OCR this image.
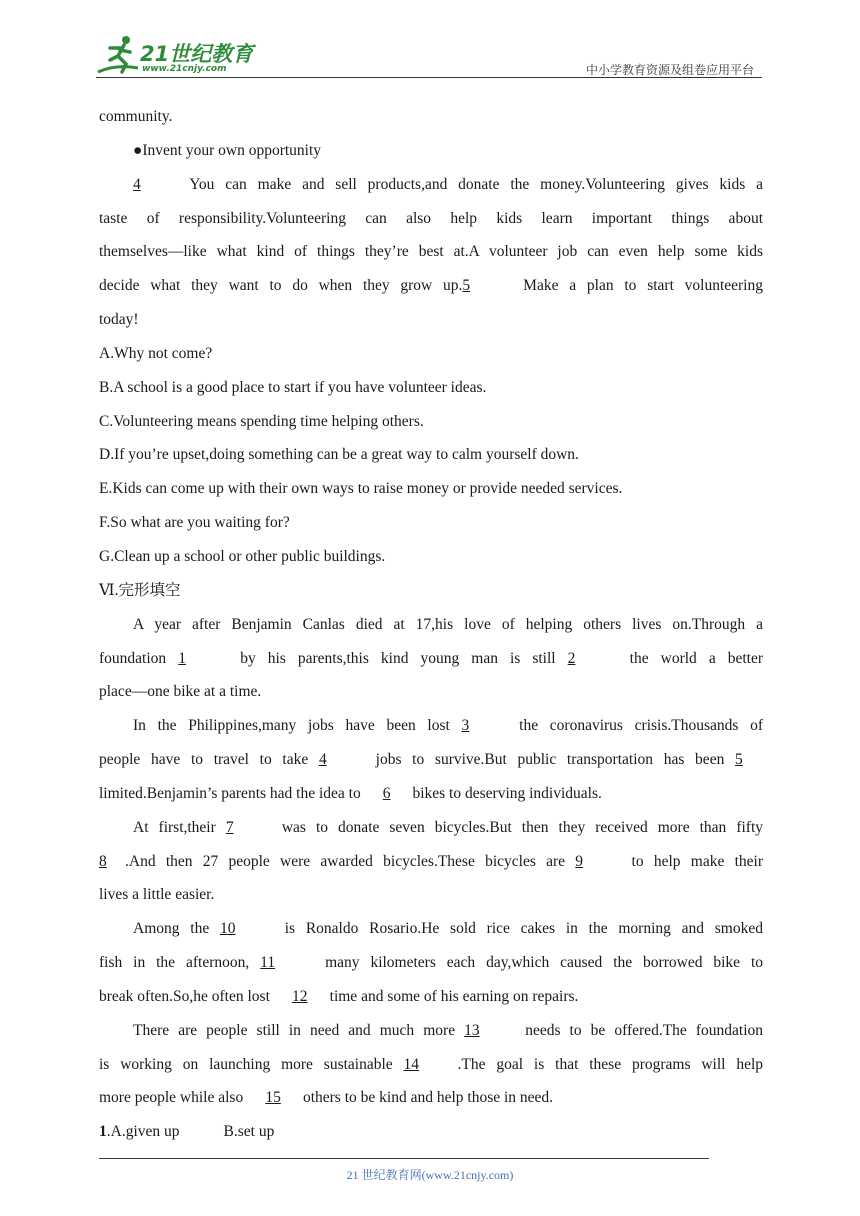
21世纪教育
www.21cnjy.com	中小学教育资源及组卷应用平台
community.
●Invent your own opportunity
4 You can make and sell products,and donate the money.Volunteering gives kids a
taste of responsibility.Volunteering can also help kids learn important things about
themselves—like what kind of things they’re best at.A volunteer job can even help some kids
decide what they want to do when they grow up.5	Make a plan to start volunteering
today!
A.Why not come?
B.A school is a good place to start if you have volunteer ideas.
C.Volunteering means spending time helping others.
D.If you’re upset,doing something can be a great way to calm yourself down.
E.Kids can come up with their own ways to raise money or provide needed services.
F.So what are you waiting for?
G.Clean up a school or other public buildings.
Ⅵ.完形填空
A year after Benjamin Canlas died at 17,his love of helping others lives on.Through a
foundation 1	by his parents,this kind young man is still 2	the world a better
place—one bike at a time.
In the Philippines,many jobs have been lost 3	the coronavirus crisis.Thousands of
people have to travel to take 4	jobs to survive.But public transportation has been 5
limited.Benjamin’s parents had the idea to 6 bikes to deserving individuals.
At first,their 7	was to donate seven bicycles.But then they received more than fifty
8 .And then 27 people were awarded bicycles.These bicycles are 9	to help make their
lives a little easier.
Among the 10	is Ronaldo Rosario.He sold rice cakes in the morning and smoked
fish in the afternoon, 11	many kilometers each day,which caused the borrowed bike to
break often.So,he often lost 12 time and some of his earning on repairs.
There are people still in need and much more 13	needs to be offered.The foundation
is working on launching more sustainable 14 .The goal is that these programs will help
more people while also 15 others to be kind and help those in need.
1.A.given up	B.set up
21 世纪教育网(www.21cnjy.com)
